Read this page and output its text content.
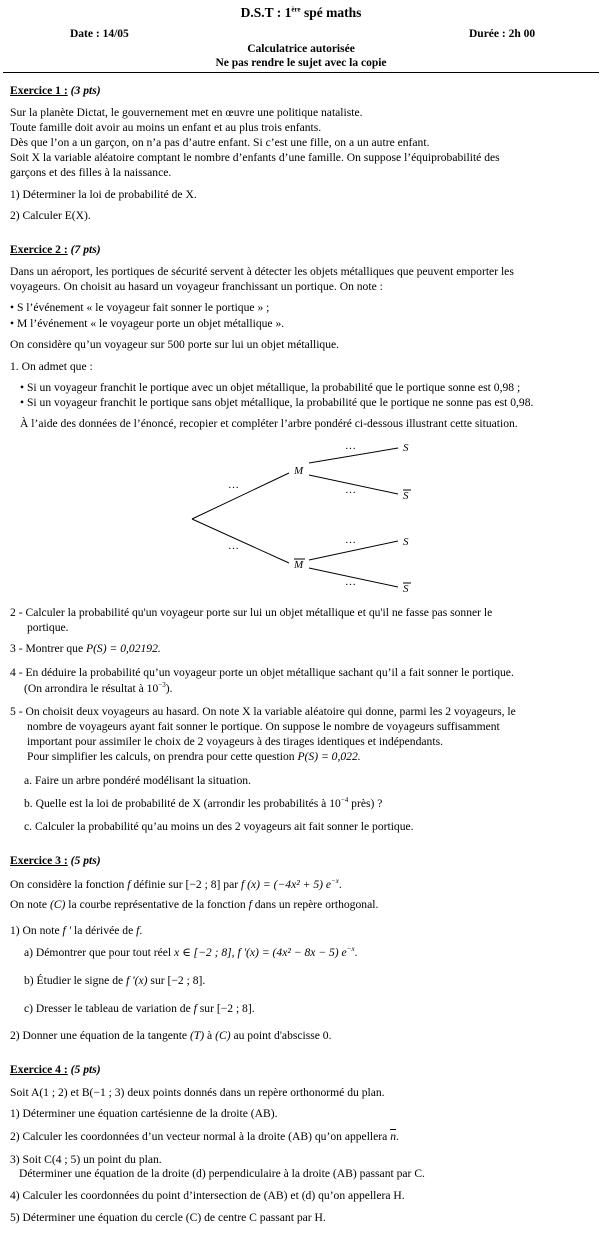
D.S.T : 1ère spé maths
Date : 14/05	Durée : 2h 00
Calculatrice autorisée
Ne pas rendre le sujet avec la copie
Exercice 1 : (3 pts)
Sur la planète Dictat, le gouvernement met en œuvre une politique nataliste.
Toute famille doit avoir au moins un enfant et au plus trois enfants.
Dès que l’on a un garçon, on n’a pas d’autre enfant. Si c’est une fille, on a un autre enfant.
Soit X la variable aléatoire comptant le nombre d’enfants d’une famille. On suppose l’équiprobabilité des
garçons et des filles à la naissance.
1) Déterminer la loi de probabilité de X.
2) Calculer E(X).
Exercice 2 : (7 pts)
Dans un aéroport, les portiques de sécurité servent à détecter les objets métalliques que peuvent emporter les
voyageurs. On choisit au hasard un voyageur franchissant un portique. On note :
• S l’événement « le voyageur fait sonner le portique » ;
• M l’événement « le voyageur porte un objet métallique ».
On considère qu’un voyageur sur 500 porte sur lui un objet métallique.
1. On admet que :
• Si un voyageur franchit le portique avec un objet métallique, la probabilité que le portique sonne est 0,98 ;
• Si un voyageur franchit le portique sans objet métallique, la probabilité que le portique ne sonne pas est 0,98.
À l’aide des données de l’énoncé, recopier et compléter l’arbre pondéré ci-dessous illustrant cette situation.
M
M
S
S
S
S
…
…
…
…
…
…
2 - Calculer la probabilité qu'un voyageur porte sur lui un objet métallique et qu'il ne fasse pas sonner le
portique.
3 - Montrer que P(S) = 0,02192.
4 - En déduire la probabilité qu’un voyageur porte un objet métallique sachant qu’il a fait sonner le portique.
(On arrondira le résultat à $10^{-3}$).
5 - On choisit deux voyageurs au hasard. On note X la variable aléatoire qui donne, parmi les 2 voyageurs, le
nombre de voyageurs ayant fait sonner le portique. On suppose le nombre de voyageurs suffisamment
important pour assimiler le choix de 2 voyageurs à des tirages identiques et indépendants.
Pour simplifier les calculs, on prendra pour cette question P(S) = 0,022.
a. Faire un arbre pondéré modélisant la situation.
b. Quelle est la loi de probabilité de X (arrondir les probabilités à $10^{-4}$ près) ?
c. Calculer la probabilité qu’au moins un des 2 voyageurs ait fait sonner le portique.
Exercice 3 : (5 pts)
On considère la fonction f définie sur [−2 ; 8] par f (x) = (−4x² + 5) $e^{-x}$.
On note (C) la courbe représentative de la fonction f dans un repère orthogonal.
1) On note f ' la dérivée de f.
a) Démontrer que pour tout réel x ∈ [−2 ; 8], f '(x) = (4x² − 8x − 5) $e^{-x}$.
b) Étudier le signe de f '(x) sur [−2 ; 8].
c) Dresser le tableau de variation de f sur [−2 ; 8].
2) Donner une équation de la tangente (T) à (C) au point d'abscisse 0.
Exercice 4 : (5 pts)
Soit A(1 ; 2) et B(−1 ; 3) deux points donnés dans un repère orthonormé du plan.
1) Déterminer une équation cartésienne de la droite (AB).
2) Calculer les coordonnées d’un vecteur normal à la droite (AB) qu’on appellera
n.
3) Soit C(4 ; 5) un point du plan.
Déterminer une équation de la droite (d) perpendiculaire à la droite (AB) passant par C.
4) Calculer les coordonnées du point d’intersection de (AB) et (d) qu’on appellera H.
5) Déterminer une équation du cercle (C) de centre C passant par H.
